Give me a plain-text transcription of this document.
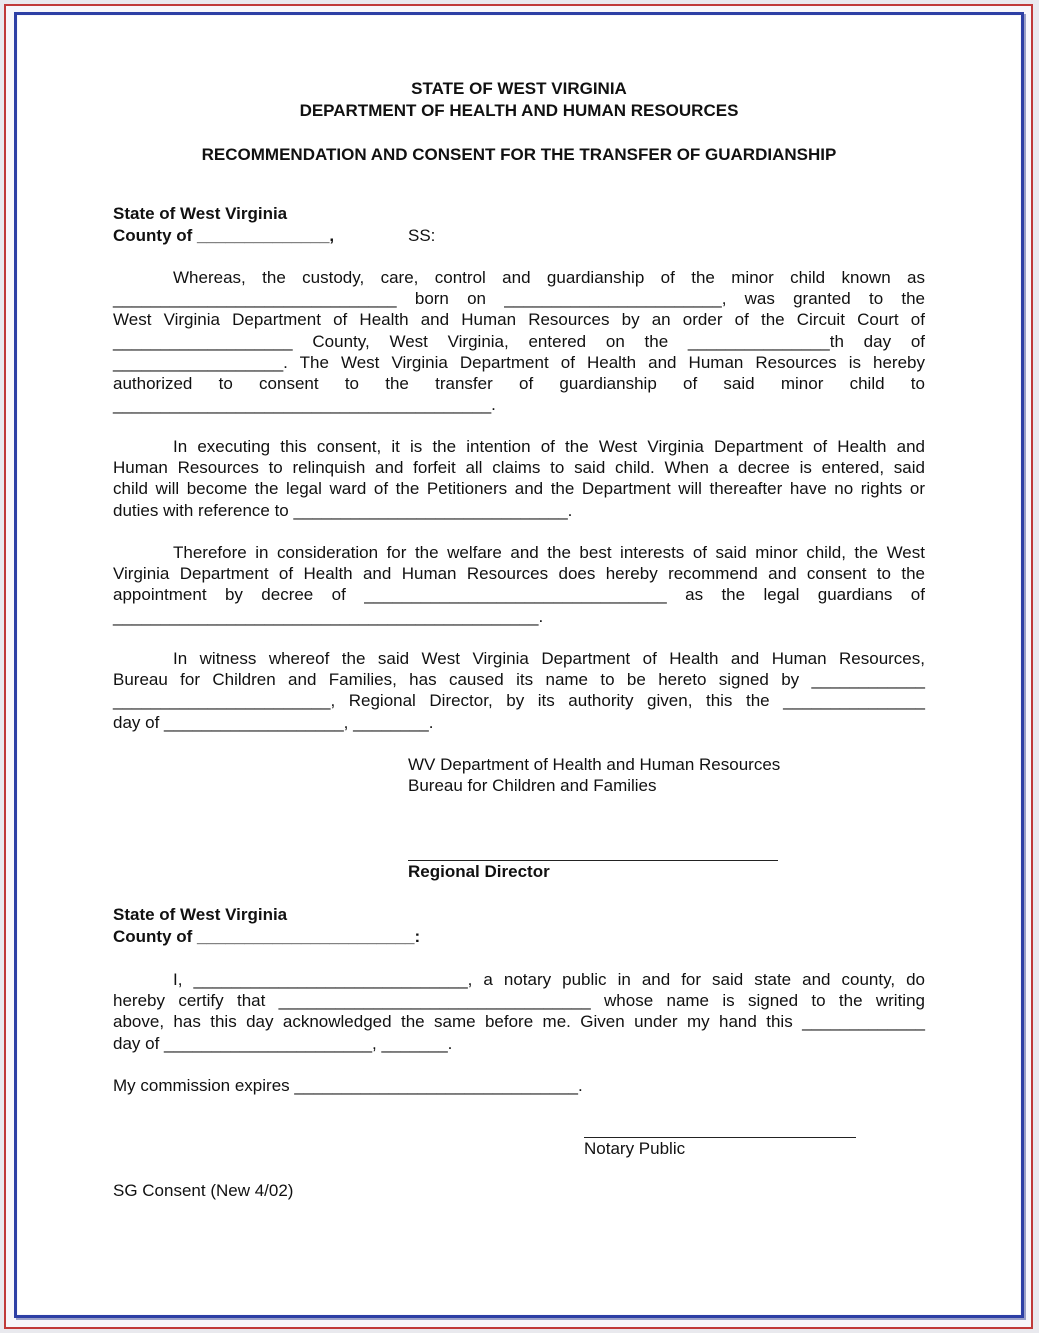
STATE OF WEST VIRGINIA
DEPARTMENT OF HEALTH AND HUMAN RESOURCES
RECOMMENDATION AND CONSENT FOR THE TRANSFER OF GUARDIANSHIP
State of West Virginia
County of ______________,	SS:
Whereas, the custody, care, control and guardianship of the minor child known as
______________________________ born on _______________________, was granted to the
West Virginia Department of Health and Human Resources by an order of the Circuit Court of
___________________ County, West Virginia, entered on the _______________th day of
__________________. The West Virginia Department of Health and Human Resources is hereby
authorized to consent to the transfer of guardianship of said minor child to
________________________________________.
In executing this consent, it is the intention of the West Virginia Department of Health and
Human Resources to relinquish and forfeit all claims to said child. When a decree is entered, said
child will become the legal ward of the Petitioners and the Department will thereafter have no rights or
duties with reference to _____________________________.
Therefore in consideration for the welfare and the best interests of said minor child, the West
Virginia Department of Health and Human Resources does hereby recommend and consent to the
appointment by decree of ________________________________ as the legal guardians of
_____________________________________________.
In witness whereof the said West Virginia Department of Health and Human Resources,
Bureau for Children and Families, has caused its name to be hereto signed by ____________
_______________________, Regional Director, by its authority given, this the _______________
day of ___________________, ________.
WV Department of Health and Human Resources
Bureau for Children and Families
Regional Director
State of West Virginia
County of _______________________:
I, _____________________________, a notary public in and for said state and county, do
hereby certify that _________________________________ whose name is signed to the writing
above, has this day acknowledged the same before me. Given under my hand this _____________
day of ______________________, _______.
My commission expires ______________________________.
Notary Public
SG Consent (New 4/02)
